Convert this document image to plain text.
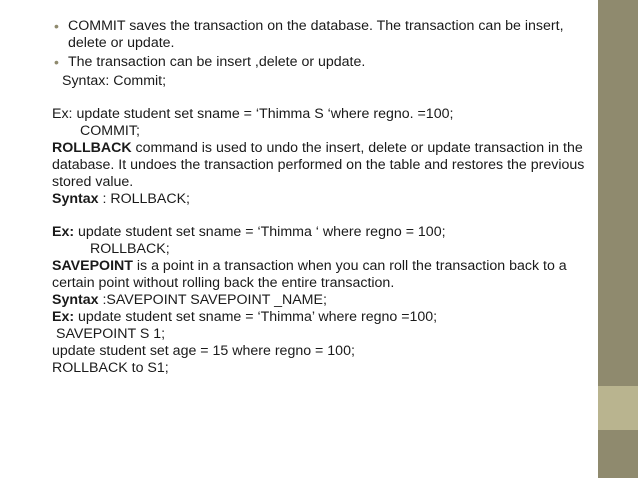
• COMMIT saves the transaction on the database. The transaction can be insert, delete or update.
• The transaction can be insert ,delete or update.

Syntax: Commit;

Ex: update student set sname = ‘Thimma S ‘where regno. =100;

COMMIT;

ROLLBACK command is used to undo the insert, delete or update transaction in the database. It undoes the transaction performed on the table and restores the previous stored value.

Syntax : ROLLBACK;

Ex: update student set sname = ‘Thimma ‘ where regno = 100;

ROLLBACK;

SAVEPOINT is a point in a transaction when you can roll the transaction back to a certain point without rolling back the entire transaction.

Syntax :SAVEPOINT SAVEPOINT _NAME;

Ex: update student set sname = ‘Thimma’ where regno =100;

SAVEPOINT S 1;

update student set age = 15 where regno = 100;

ROLLBACK to S1;
